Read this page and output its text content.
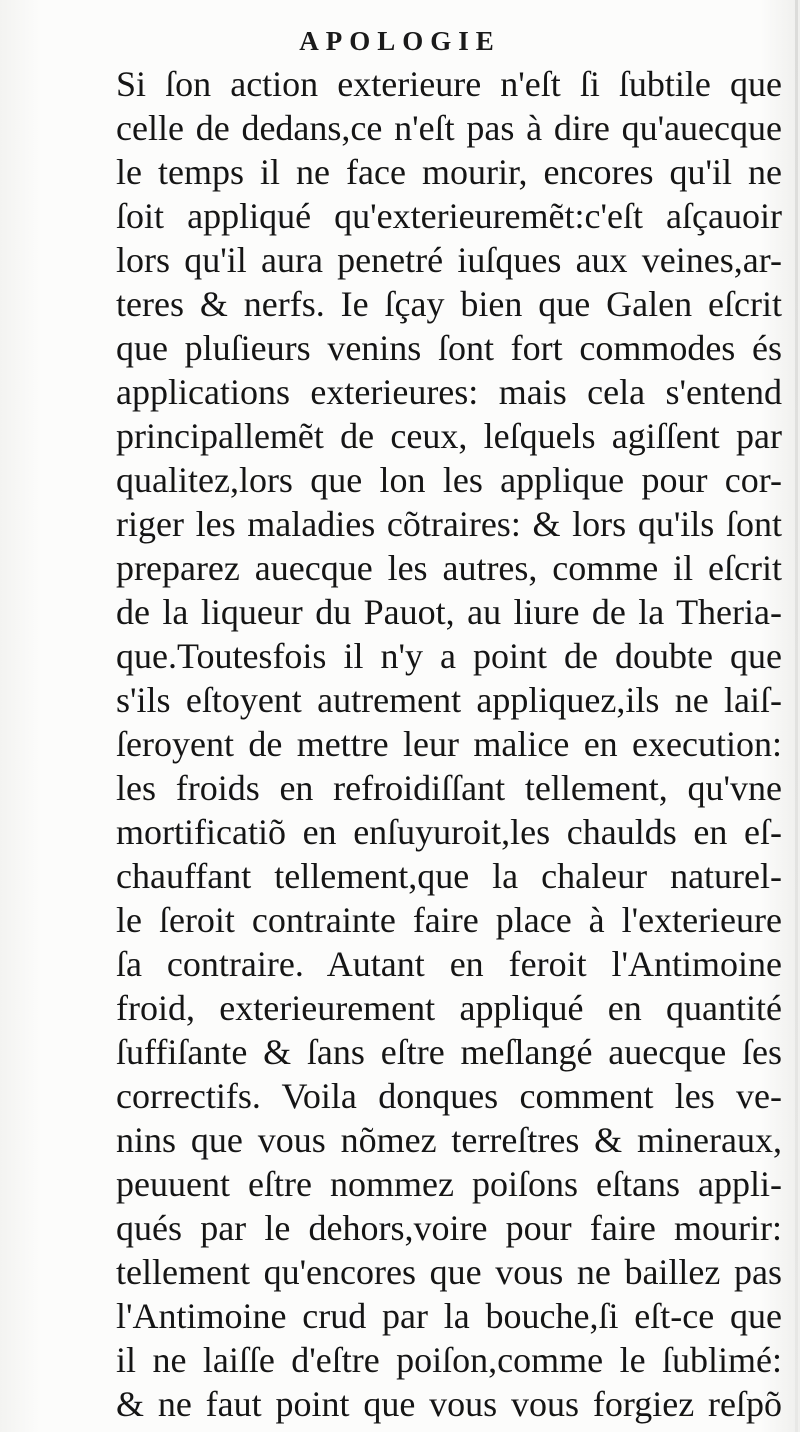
APOLOGIE
Si ſon action exterieure n'eſt ſi ſubtile que
celle de dedans,ce n'eſt pas à dire qu'auecque
le temps il ne face mourir, encores qu'il ne
ſoit appliqué qu'exterieuremẽt:c'eſt aſçauoir
lors qu'il aura penetré iuſques aux veines,ar-
teres & nerfs. Ie ſçay bien que Galen eſcrit
que pluſieurs venins ſont fort commodes és
applications exterieures: mais cela s'entend
principallemẽt de ceux, leſquels agiſſent par
qualitez,lors que lon les applique pour cor-
riger les maladies cõtraires: & lors qu'ils ſont
preparez auecque les autres, comme il eſcrit
de la liqueur du Pauot, au liure de la Theria-
que.Toutesfois il n'y a point de doubte que
s'ils eſtoyent autrement appliquez,ils ne laiſ-
ſeroyent de mettre leur malice en execution:
les froids en refroidiſſant tellement, qu'vne
mortificatiõ en enſuyuroit,les chaulds en eſ-
chauffant tellement,que la chaleur naturel-
le ſeroit contrainte faire place à l'exterieure
ſa contraire. Autant en feroit l'Antimoine
froid, exterieurement appliqué en quantité
ſuffiſante & ſans eſtre meſlangé auecque ſes
correctifs. Voila donques comment les ve-
nins que vous nõmez terreſtres & mineraux,
peuuent eſtre nommez poiſons eſtans appli-
qués par le dehors,voire pour faire mourir:
tellement qu'encores que vous ne baillez pas
l'Antimoine crud par la bouche,ſi eſt-ce que
il ne laiſſe d'eſtre poiſon,comme le ſublimé:
& ne faut point que vous vous forgiez reſpõ
